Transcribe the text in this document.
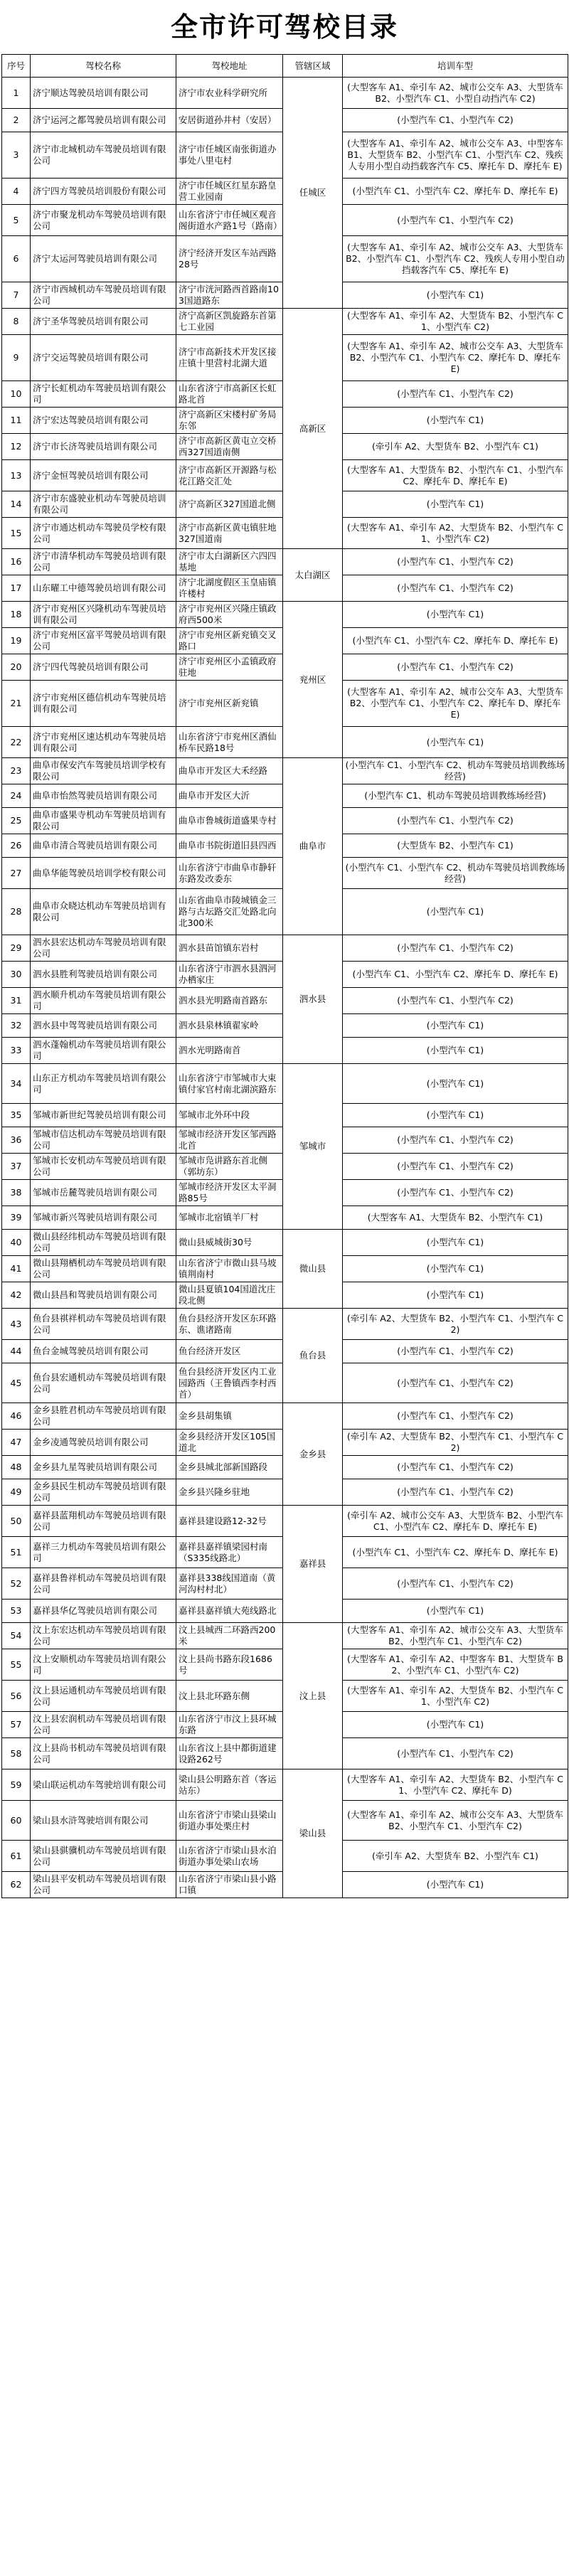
全市许可驾校目录
序号	驾校名称	驾校地址	管辖区域	培训车型
1	济宁顺达驾驶员培训有限公司	济宁市农业科学研究所	任城区	(大型客车 A1、牵引车 A2、城市公交车 A3、大型货车 B2、小型汽车 C1、小型自动挡汽车 C2)
2	济宁运河之都驾驶员培训有限公司	安居街道孙井村（安居）		(小型汽车 C1、小型汽车 C2)
3	济宁市北城机动车驾驶员培训有限公司	济宁市任城区南张街道办事处八里屯村		(大型客车 A1、牵引车 A2、城市公交车 A3、中型客车 B1、大型货车 B2、小型汽车 C1、小型汽车 C2、残疾人专用小型自动挡载客汽车 C5、摩托车 D、摩托车 E)
4	济宁四方驾驶员培训股份有限公司	济宁市任城区红星东路皇营工业园南		(小型汽车 C1、小型汽车 C2、摩托车 D、摩托车 E)
5	济宁市聚龙机动车驾驶员培训有限公司	山东省济宁市任城区观音阁街道水产路1号（路南）		(小型汽车 C1、小型汽车 C2)
6	济宁太运河驾驶员培训有限公司	济宁经济开发区车站西路28号		(大型客车 A1、牵引车 A2、城市公交车 A3、大型货车 B2、小型汽车 C1、小型汽车 C2、残疾人专用小型自动挡载客汽车 C5、摩托车 E)
7	济宁市西城机动车驾驶员培训有限公司	济宁市洸河路西首路南103国道路东		(小型汽车 C1)
8	济宁圣华驾驶员培训有限公司	济宁高新区凯旋路东首第七工业园	高新区	(大型客车 A1、牵引车 A2、大型货车 B2、小型汽车 C1、小型汽车 C2)
9	济宁交运驾驶员培训有限公司	济宁市高新技术开发区接庄镇十里营村北湖大道		(大型客车 A1、牵引车 A2、城市公交车 A3、大型货车 B2、小型汽车 C1、小型汽车 C2、摩托车 D、摩托车 E)
10	济宁长虹机动车驾驶员培训有限公司	山东省济宁市高新区长虹路北首		(小型汽车 C1、小型汽车 C2)
11	济宁宏达驾驶员培训有限公司	济宁高新区宋楼村矿务局东邻		(小型汽车 C1)
12	济宁市长济驾驶员培训有限公司	济宁市高新区黄屯立交桥西327国道南侧		(牵引车 A2、大型货车 B2、小型汽车 C1)
13	济宁金恒驾驶员培训有限公司	济宁市高新区开源路与松花江路交汇处		(大型客车 A1、大型货车 B2、小型汽车 C1、小型汽车 C2、摩托车 D、摩托车 E)
14	济宁市东盛驶业机动车驾驶员培训有限公司	济宁高新区327国道北侧		(小型汽车 C1)
15	济宁市通达机动车驾驶员学校有限公司	济宁市高新区黄屯镇驻地327国道南		(大型客车 A1、牵引车 A2、大型货车 B2、小型汽车 C1、小型汽车 C2)
16	济宁市清华机动车驾驶员培训有限公司	济宁市太白湖新区六四四基地	太白湖区	(小型汽车 C1、小型汽车 C2)
17	山东曜工中德驾驶员培训有限公司	济宁北湖度假区玉皇庙镇许楼村		(小型汽车 C1、小型汽车 C2)
18	济宁市兖州区兴隆机动车驾驶员培训有限公司	济宁市兖州区兴隆庄镇政府西500米	兖州区	(小型汽车 C1)
19	济宁市兖州区富平驾驶员培训有限公司	济宁市兖州区新兖镇交叉路口		(小型汽车 C1、小型汽车 C2、摩托车 D、摩托车 E)
20	济宁四代驾驶员培训有限公司	济宁市兖州区小孟镇政府驻地		(小型汽车 C1、小型汽车 C2)
21	济宁市兖州区德信机动车驾驶员培训有限公司	济宁市兖州区新兖镇		(大型客车 A1、牵引车 A2、城市公交车 A3、大型货车 B2、小型汽车 C1、小型汽车 C2、摩托车 D、摩托车 E)
22	济宁市兖州区速达机动车驾驶员培训有限公司	山东省济宁市兖州区酒仙桥车民路18号		(小型汽车 C1)
23	曲阜市保安汽车驾驶员培训学校有限公司	曲阜市开发区大禾经路	曲阜市	(小型汽车 C1、小型汽车 C2、机动车驾驶员培训教练场经营)
24	曲阜市怡然驾驶员培训有限公司	曲阜市开发区大沂		(小型汽车 C1、机动车驾驶员培训教练场经营)
25	曲阜市盛果寺机动车驾驶员培训有限公司	曲阜市鲁城街道盛果寺村		(小型汽车 C1、小型汽车 C2)
26	曲阜市清合驾驶员培训有限公司	曲阜市书院街道旧县四西		(大型货车 B2、小型汽车 C1)
27	曲阜华能驾驶员培训学校有限公司	山东省济宁市曲阜市静轩东路发改委东		(小型汽车 C1、小型汽车 C2、机动车驾驶员培训教练场经营)
28	曲阜市众晓达机动车驾驶员培训有限公司	山东省曲阜市陵城镇金三路与古坛路交汇处路北向北300米		(小型汽车 C1)
29	泗水县宏达机动车驾驶员培训有限公司	泗水县苗馆镇东岩村	泗水县	(小型汽车 C1、小型汽车 C2)
30	泗水县胜利驾驶员培训有限公司	山东省济宁市泗水县泗河办栖家庄		(小型汽车 C1、小型汽车 C2、摩托车 D、摩托车 E)
31	泗水顺升机动车驾驶员培训有限公司	泗水县光明路南首路东		(小型汽车 C1、小型汽车 C2)
32	泗水县中驾驾驶员培训有限公司	泗水县泉林镇翟家岭		(小型汽车 C1)
33	泗水蓬翰机动车驾驶员培训有限公司	泗水光明路南首		(小型汽车 C1)
34	山东正方机动车驾驶员培训有限公司	山东省济宁市邹城市大束镇付家官村南北湖滨路东	邹城市	(小型汽车 C1)
35	邹城市新世纪驾驶员培训有限公司	邹城市北外环中段		(小型汽车 C1)
36	邹城市信达机动车驾驶员培训有限公司	邹城市经济开发区邹西路北首		(小型汽车 C1、小型汽车 C2)
37	邹城市长安机动车驾驶员培训有限公司	邹城市凫讲路东首北侧（郭坊东）		(小型汽车 C1、小型汽车 C2)
38	邹城市岳麓驾驶员培训有限公司	邹城市经济开发区太平洞路85号		(小型汽车 C1、小型汽车 C2)
39	邹城市新兴驾驶员培训有限公司	邹城市北宿镇羊厂村		(大型客车 A1、大型货车 B2、小型汽车 C1)
40	微山县经纬机动车驾驶员培训有限公司	微山县威城街30号	微山县	(小型汽车 C1)
41	微山县翔栖机动车驾驶员培训有限公司	山东省济宁市微山县马坡镇荆南村		(小型汽车 C1)
42	微山县昌和驾驶员培训有限公司	微山县夏镇104国道沈庄段北侧		(小型汽车 C1)
43	鱼台县祺祥机动车驾驶员培训有限公司	鱼台县经济开发区东环路东、谯诸路南	鱼台县	(牵引车 A2、大型货车 B2、小型汽车 C1、小型汽车 C2)
44	鱼台金城驾驶员培训有限公司	鱼台经济开发区		(小型汽车 C1、小型汽车 C2)
45	鱼台县宏通机动车驾驶员培训有限公司	鱼台县经济开发区内工业园路西（王鲁镇西李村西首）		(小型汽车 C1、小型汽车 C2)
46	金乡县胜君机动车驾驶员培训有限公司	金乡县胡集镇	金乡县	(小型汽车 C1、小型汽车 C2)
47	金乡凌通驾驶员培训有限公司	金乡县经济开发区105国道北		(牵引车 A2、大型货车 B2、小型汽车 C1、小型汽车 C2)
48	金乡县九星驾驶员培训有限公司	金乡县城北部新国路段		(小型汽车 C1、小型汽车 C2)
49	金乡县民生机动车驾驶员培训有限公司	金乡县兴隆乡驻地		(小型汽车 C1、小型汽车 C2)
50	嘉祥县蓝翔机动车驾驶员培训有限公司	嘉祥县建设路12-32号	嘉祥县	(牵引车 A2、城市公交车 A3、大型货车 B2、小型汽车 C1、小型汽车 C2、摩托车 D、摩托车 E)
51	嘉祥三力机动车驾驶员培训有限公司	嘉祥县嘉祥镇梁园村南（S335线路北）		(小型汽车 C1、小型汽车 C2、摩托车 D、摩托车 E)
52	嘉祥县鲁祥机动车驾驶员培训有限公司	嘉祥县338线国道南（黄河沟村村北）		(小型汽车 C1、小型汽车 C2)
53	嘉祥县华亿驾驶员培训有限公司	嘉祥县嘉祥镇大苑线路北		(小型汽车 C1)
54	汶上东宏达机动车驾驶员培训有限公司	汶上县城西二环路西200米	汶上县	(大型客车 A1、牵引车 A2、城市公交车 A3、大型货车 B2、小型汽车 C1、小型汽车 C2)
55	汶上安顺机动车驾驶员培训有限公司	汶上县尚书路东段1686号		(大型客车 A1、牵引车 A2、中型客车 B1、大型货车 B2、小型汽车 C1、小型汽车 C2)
56	汶上县运通机动车驾驶员培训有限公司	汶上县北环路东侧		(大型客车 A1、牵引车 A2、大型货车 B2、小型汽车 C1、小型汽车 C2)
57	汶上县宏润机动车驾驶员培训有限公司	山东省济宁市汶上县环城东路		(小型汽车 C1)
58	汶上县尚书机动车驾驶员培训有限公司	山东省汶上县中都街道建设路262号		(小型汽车 C1、小型汽车 C2)
59	梁山联运机动车驾驶培训有限公司	梁山县公明路东首（客运站东）	梁山县	(大型客车 A1、牵引车 A2、大型货车 B2、小型汽车 C1、小型汽车 C2、摩托车 D)
60	梁山县水浒驾驶培训有限公司	山东省济宁市梁山县梁山街道办事处栗庄村		(大型客车 A1、牵引车 A2、城市公交车 A3、大型货车 B2、小型汽车 C1、小型汽车 C2)
61	梁山县骐骥机动车驾驶员培训有限公司	山东省济宁市梁山县水泊街道办事处梁山农场		(牵引车 A2、大型货车 B2、小型汽车 C1)
62	梁山县平安机动车驾驶员培训有限公司	山东省济宁市梁山县小路口镇		(小型汽车 C1)
